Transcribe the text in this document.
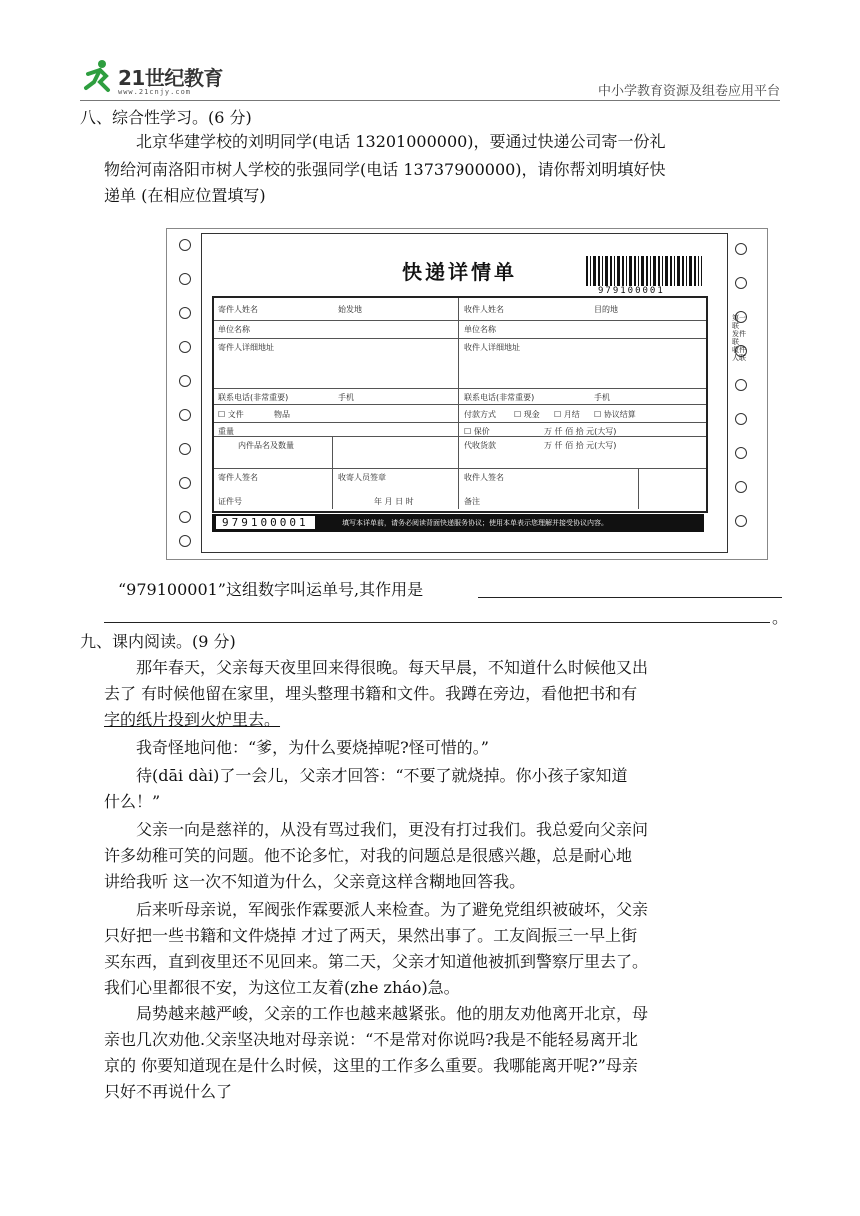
21世纪教育
www.21cnjy.com	中小学教育资源及组卷应用平台
八、综合性学习。(6 分)
北京华建学校的刘明同学(电话 13201000000)，要通过快递公司寄一份礼
物给河南洛阳市树人学校的张强同学(电话 13737900000)，请你帮刘明填好快
递单 (在相应位置填写)
快递详情单
979100001
寄件人姓名	始发地	收件人姓名	目的地
单位名称	单位名称
寄件人详细地址	收件人详细地址
联系电话(非常重要)	手机	联系电话(非常重要)	手机
☐ 文件	物品	付款方式 ☐ 现金 ☐ 月结 ☐ 协议结算
重量	☐ 保价	万 仟 佰 拾 元(大写)
内件品名及数量	代收货款	万 仟 佰 拾 元(大写)
寄件人签名	收寄人员签章	收件人签名
证件号	年 月 日 时	备注
979100001	填写本详单前，请务必阅读背面快递服务协议；使用本单表示您理解并接受协议内容。
第一联 发件联 收件人联
“979100001”这组数字叫运单号,其作用是
。
九、课内阅读。(9 分)
那年春天，父亲每天夜里回来得很晚。每天早晨，不知道什么时候他又出
去了 有时候他留在家里，埋头整理书籍和文件。我蹲在旁边，看他把书和有
字的纸片投到火炉里去。
我奇怪地问他：“爹，为什么要烧掉呢?怪可惜的。”
待(dāi dài)了一会儿，父亲才回答：“不要了就烧掉。你小孩子家知道
什么！”
父亲一向是慈祥的，从没有骂过我们，更没有打过我们。我总爱向父亲问
许多幼稚可笑的问题。他不论多忙，对我的问题总是很感兴趣，总是耐心地
讲给我听 这一次不知道为什么，父亲竟这样含糊地回答我。
后来听母亲说，军阀张作霖要派人来检查。为了避免党组织被破坏，父亲
只好把一些书籍和文件烧掉 才过了两天，果然出事了。工友阎振三一早上街
买东西，直到夜里还不见回来。第二天，父亲才知道他被抓到警察厅里去了。
我们心里都很不安，为这位工友着(zhe zháo)急。
局势越来越严峻，父亲的工作也越来越紧张。他的朋友劝他离开北京，母
亲也几次劝他.父亲坚决地对母亲说：“不是常对你说吗?我是不能轻易离开北
京的 你要知道现在是什么时候，这里的工作多么重要。我哪能离开呢?”母亲
只好不再说什么了
